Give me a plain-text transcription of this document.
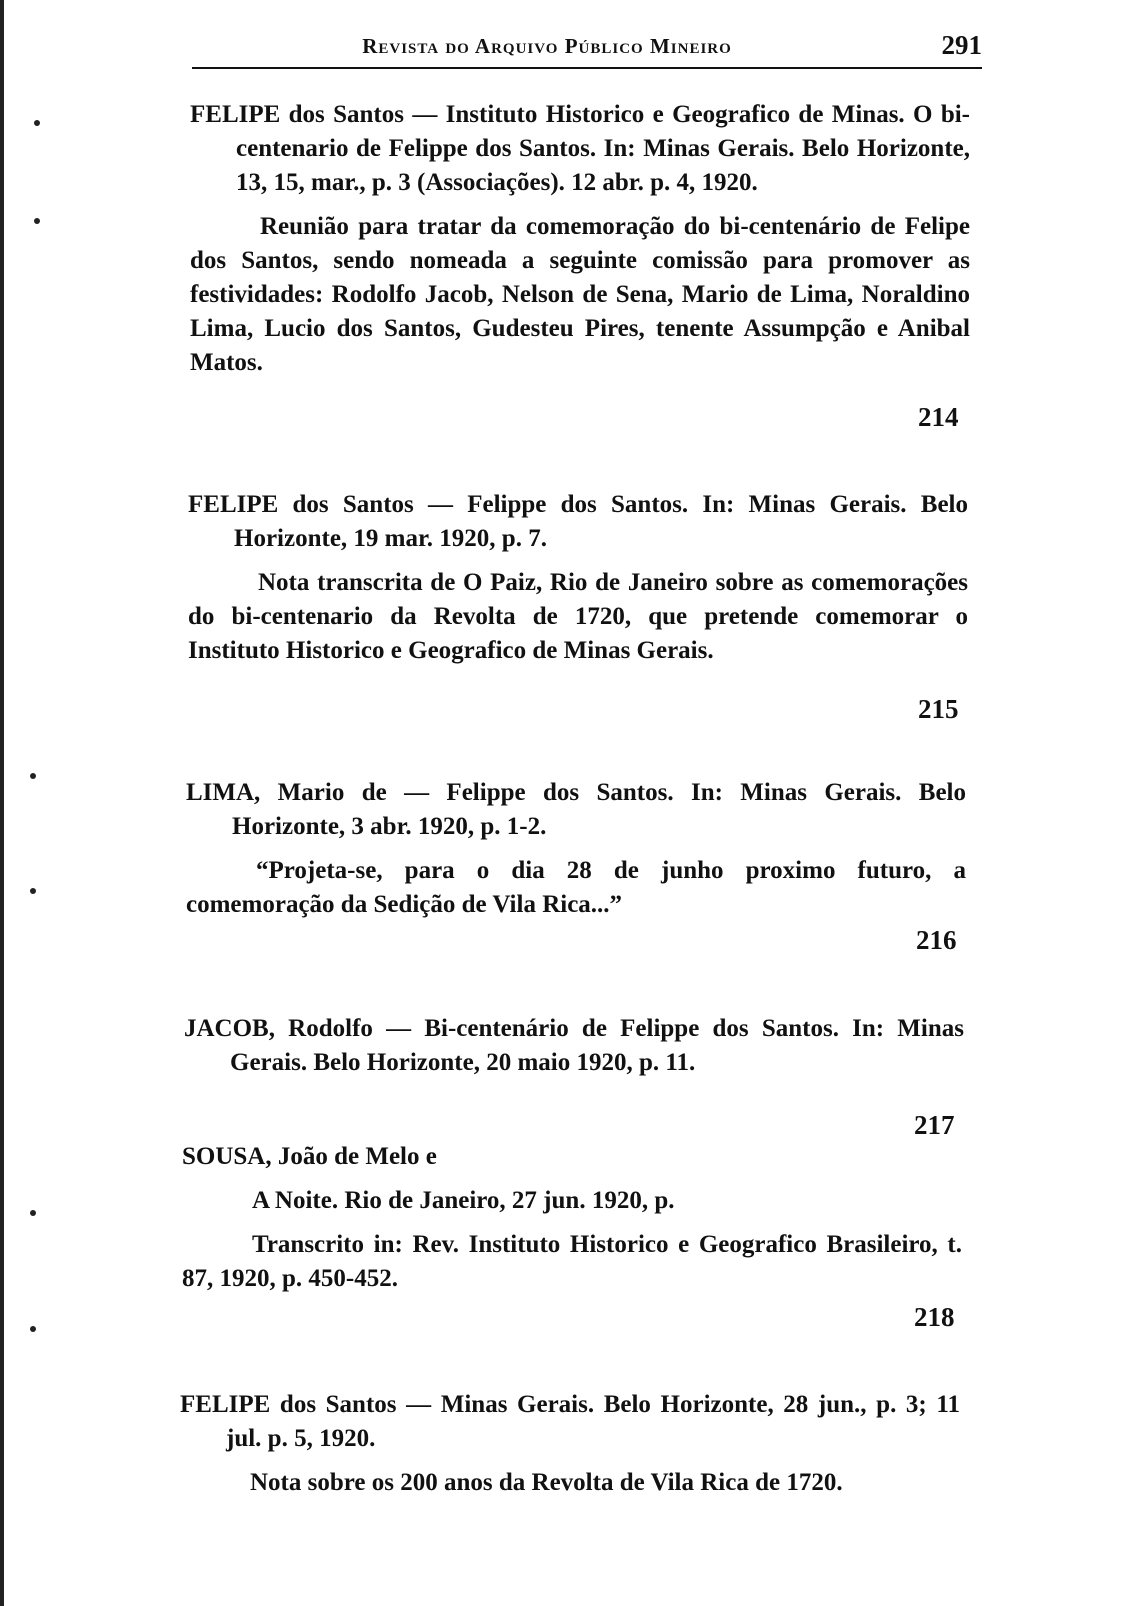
Revista do Arquivo Público Mineiro	291

FELIPE dos Santos — Instituto Historico e Geografico de Minas. O bi-centenario de Felippe dos Santos. In: Minas Gerais. Belo Horizonte, 13, 15, mar., p. 3 (Associações). 12 abr. p. 4, 1920.

Reunião para tratar da comemoração do bi-centenário de Felipe dos Santos, sendo nomeada a seguinte comissão para promover as festividades: Rodolfo Jacob, Nelson de Sena, Mario de Lima, Noraldino Lima, Lucio dos Santos, Gudesteu Pires, tenente Assumpção e Anibal Matos.

214

FELIPE dos Santos — Felippe dos Santos. In: Minas Gerais. Belo Horizonte, 19 mar. 1920, p. 7.

Nota transcrita de O Paiz, Rio de Janeiro sobre as comemorações do bi-centenario da Revolta de 1720, que pretende comemorar o Instituto Historico e Geografico de Minas Gerais.

215

LIMA, Mario de — Felippe dos Santos. In: Minas Gerais. Belo Horizonte, 3 abr. 1920, p. 1-2.

“Projeta-se, para o dia 28 de junho proximo futuro, a comemoração da Sedição de Vila Rica...”

216

JACOB, Rodolfo — Bi-centenário de Felippe dos Santos. In: Minas Gerais. Belo Horizonte, 20 maio 1920, p. 11.

217

SOUSA, João de Melo e

A Noite. Rio de Janeiro, 27 jun. 1920, p.

Transcrito in: Rev. Instituto Historico e Geografico Brasileiro, t. 87, 1920, p. 450-452.

218

FELIPE dos Santos — Minas Gerais. Belo Horizonte, 28 jun., p. 3; 11 jul. p. 5, 1920.

Nota sobre os 200 anos da Revolta de Vila Rica de 1720.
